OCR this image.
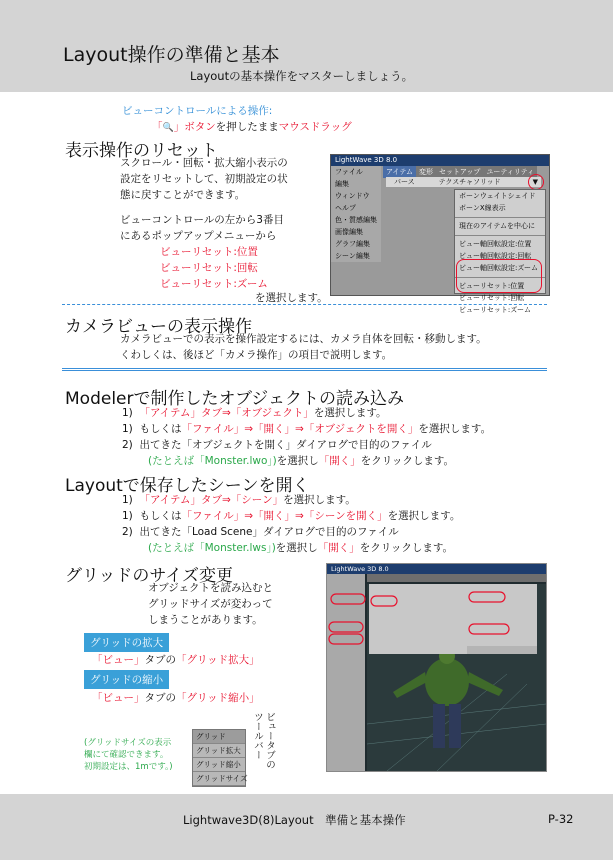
Layout操作の準備と基本
Layoutの基本操作をマスターしましょう。
ビューコントロールによる操作:
「🔍」ボタンを押したままマウスドラッグ
表示操作のリセット
スクロール・回転・拡大縮小表示の
設定をリセットして、初期設定の状
態に戻すことができます。
ビューコントロールの左から3番目
にあるポップアップメニューから
ビューリセット:位置
ビューリセット:回転
ビューリセット:ズーム
を選択します。
LightWave 3D 8.0
ファイル
編集
ウィンドウ
ヘルプ
色・質感編集
画像編集
グラフ編集
シーン編集
アイテム 変形 セットアップ ユーティリティ
パース	テクスチャソリッド	▼
ボーンウェイトシェイド
ボーンX線表示
現在のアイテムを中心に
ビュー軸回転設定:位置
ビュー軸回転設定:回転
ビュー軸回転設定:ズーム
ビューリセット:位置
ビューリセット:回転
ビューリセット:ズーム
カメラビューの表示操作
カメラビューでの表示を操作設定するには、カメラ自体を回転・移動します。
くわしくは、後ほど「カメラ操作」の項目で説明します。
Modelerで制作したオブジェクトの読み込み
1) 「アイテム」タブ⇒「オブジェクト」を選択します。
1) もしくは「ファイル」⇒「開く」⇒「オブジェクトを開く」を選択します。
2) 出てきた「オブジェクトを開く」ダイアログで目的のファイル
(たとえば「Monster.lwo」)を選択し「開く」をクリックします。
Layoutで保存したシーンを開く
1) 「アイテム」タブ⇒「シーン」を選択します。
1) もしくは「ファイル」⇒「開く」⇒「シーンを開く」を選択します。
2) 出てきた「Load Scene」ダイアログで目的のファイル
(たとえば「Monster.lws」)を選択し「開く」をクリックします。
グリッドのサイズ変更
オブジェクトを読み込むと
グリッドサイズが変わって
しまうことがあります。
グリッドの拡大
「ビュー」タブの「グリッド拡大」
グリッドの縮小
「ビュー」タブの「グリッド縮小」
(グリッドサイズの表示
欄にて確認できます。
初期設定は、1mです。)
グリッド
グリッド拡大
グリッド縮小
グリッドサイズ
ビュータブの
ツールバー
LightWave 3D 8.0
Lightwave3D(8)Layout　準備と基本操作	P-32
